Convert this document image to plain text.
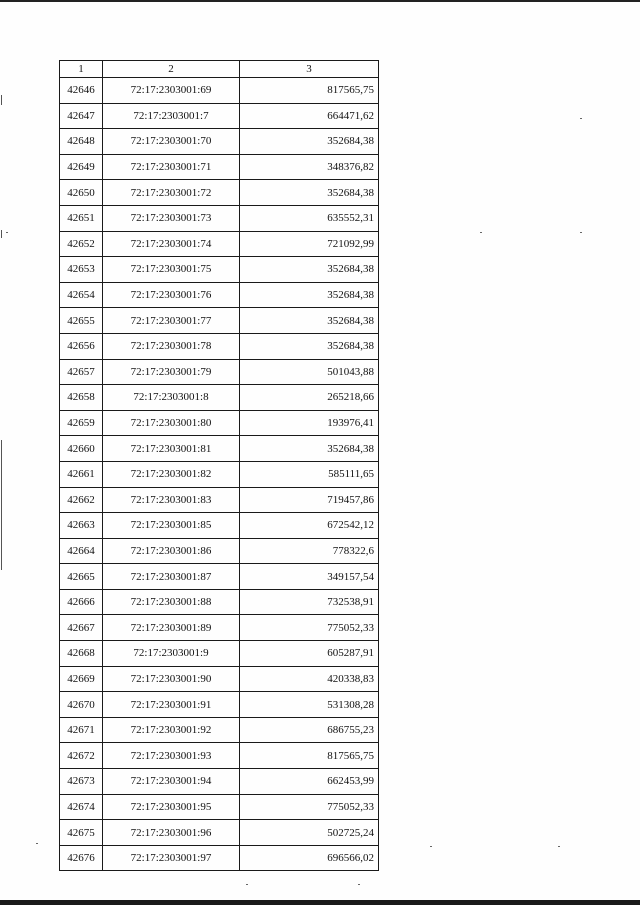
1	2	3
42646	72:17:2303001:69	817565,75
42647	72:17:2303001:7	664471,62
42648	72:17:2303001:70	352684,38
42649	72:17:2303001:71	348376,82
42650	72:17:2303001:72	352684,38
42651	72:17:2303001:73	635552,31
42652	72:17:2303001:74	721092,99
42653	72:17:2303001:75	352684,38
42654	72:17:2303001:76	352684,38
42655	72:17:2303001:77	352684,38
42656	72:17:2303001:78	352684,38
42657	72:17:2303001:79	501043,88
42658	72:17:2303001:8	265218,66
42659	72:17:2303001:80	193976,41
42660	72:17:2303001:81	352684,38
42661	72:17:2303001:82	585111,65
42662	72:17:2303001:83	719457,86
42663	72:17:2303001:85	672542,12
42664	72:17:2303001:86	778322,6
42665	72:17:2303001:87	349157,54
42666	72:17:2303001:88	732538,91
42667	72:17:2303001:89	775052,33
42668	72:17:2303001:9	605287,91
42669	72:17:2303001:90	420338,83
42670	72:17:2303001:91	531308,28
42671	72:17:2303001:92	686755,23
42672	72:17:2303001:93	817565,75
42673	72:17:2303001:94	662453,99
42674	72:17:2303001:95	775052,33
42675	72:17:2303001:96	502725,24
42676	72:17:2303001:97	696566,02
